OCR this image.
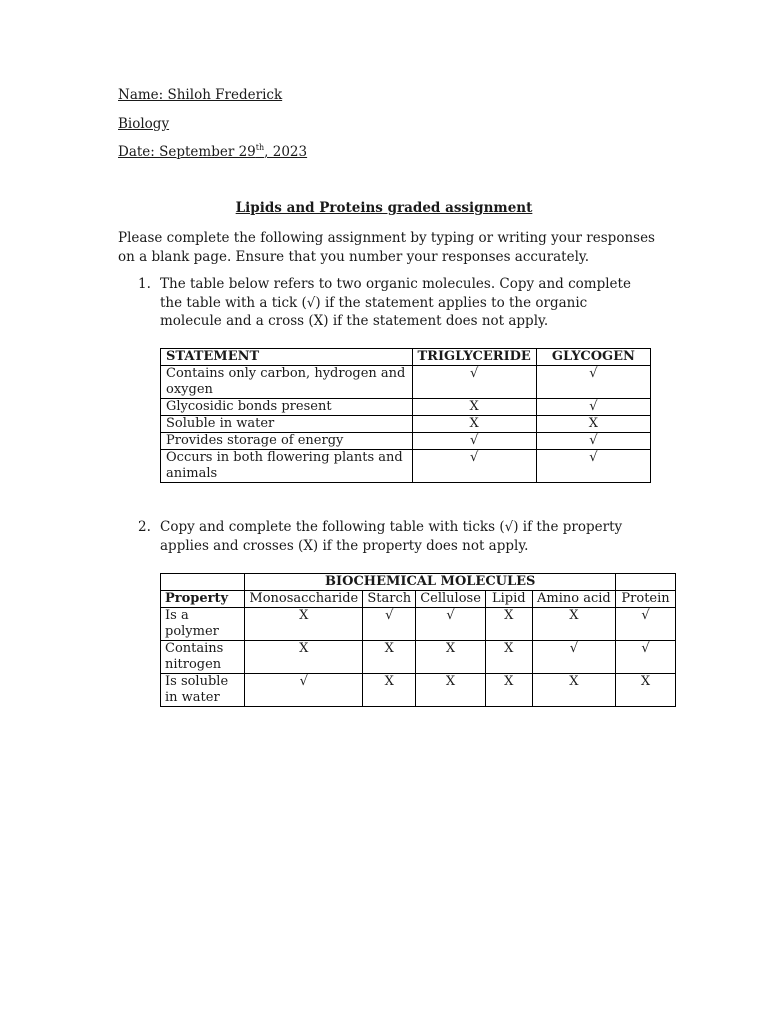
Name: Shiloh Frederick
Biology
Date: September 29th, 2023
Lipids and Proteins graded assignment
Please complete the following assignment by typing or writing your responses on a blank page. Ensure that you number your responses accurately.
1. The table below refers to two organic molecules. Copy and complete the table with a tick (√) if the statement applies to the organic molecule and a cross (X) if the statement does not apply.
STATEMENT	TRIGLYCERIDE	GLYCOGEN
Contains only carbon, hydrogen and oxygen	√	√
Glycosidic bonds present	X	√
Soluble in water	X	X
Provides storage of energy	√	√
Occurs in both flowering plants and animals	√	√
2. Copy and complete the following table with ticks (√) if the property applies and crosses (X) if the property does not apply.
	BIOCHEMICAL MOLECULES					
Property	Monosaccharide	Starch	Cellulose	Lipid	Amino acid	Protein
Is a polymer	X	√	√	X	X	√
Contains nitrogen	X	X	X	X	√	√
Is soluble in water	√	X	X	X	X	X
